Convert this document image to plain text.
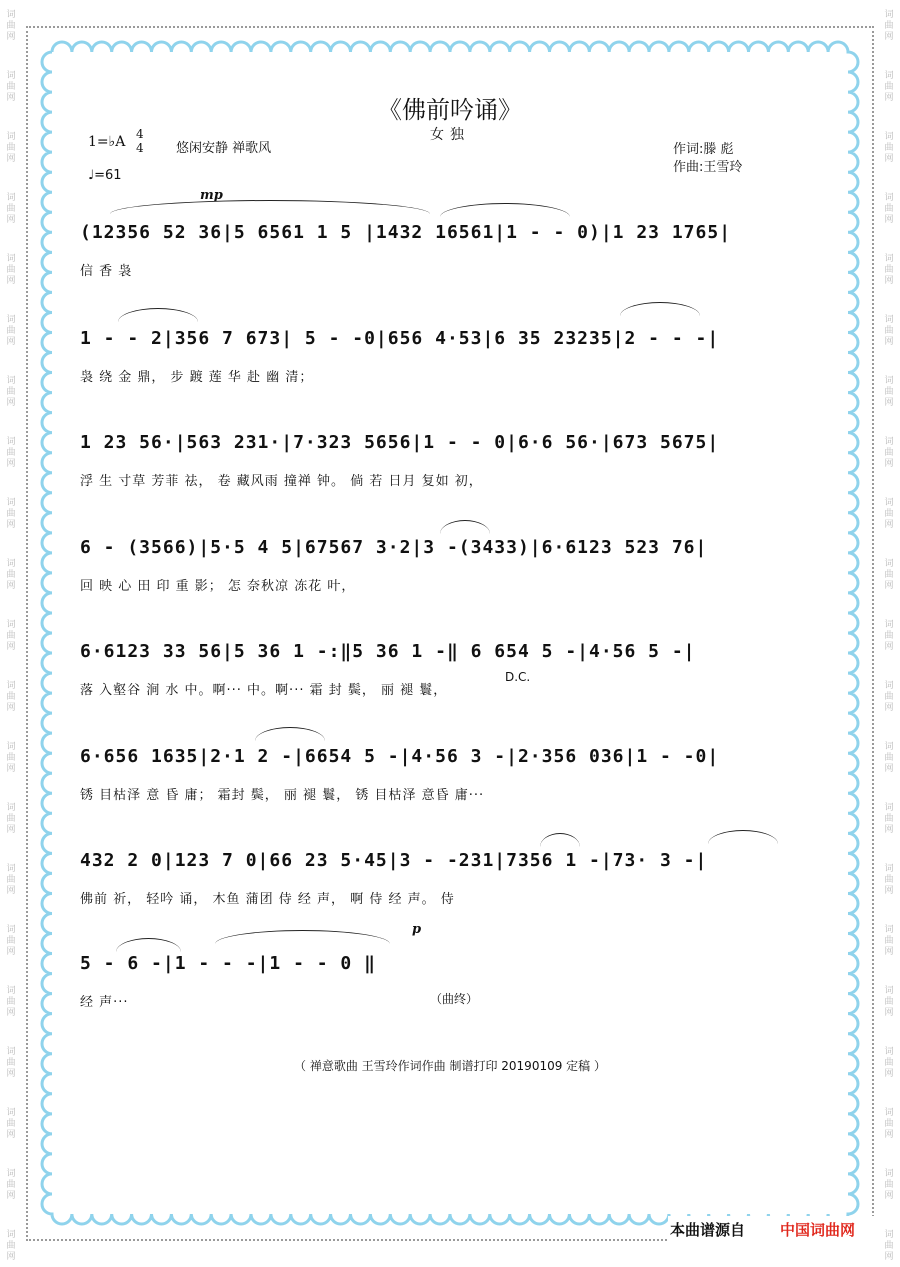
词
曲
网
词
曲
网
词
曲
网
词
曲
网
词
曲
网
词
曲
网
词
曲
网
词
曲
网
词
曲
网
词
曲
网
词
曲
网
词
曲
网
词
曲
网
词
曲
网
词
曲
网
词
曲
网
词
曲
网
词
曲
网
词
曲
网
词
曲
网
词
曲
网
词
曲
网
词
曲
网
词
曲
网
词
曲
网
词
曲
网
词
曲
网
词
曲
网
词
曲
网
词
曲
网
词
曲
网
词
曲
网
词
曲
网
词
曲
网
词
曲
网
词
曲
网
词
曲
网
词
曲
网
词
曲
网
词
曲
网
词
曲
网
词
曲
网
《佛前吟诵》
女独
1=♭A 4
4
♩=61
悠闲安静 禅歌风	作词:滕 彪
作曲:王雪玲
mp
(12356 52 36|5 6561 1 5 |1432 16561|1 - - 0)|1 23 1765|
信 香 袅
1 - - 2|356 7 673| 5 - -0|656 4·53|6 35 23235|2 - - -|
袅 绕 金 鼎， 步 踱 莲 华 赴 幽 清；
1 23 56·|563 231·|7·323 5656|1 - - 0|6·6 56·|673 5675|
浮 生 寸草 芳菲 祛， 卷 藏风雨 撞禅 钟。 倘 若 日月 复如 初，
6 - (3566)|5·5 4 5|67567 3·2|3 -(3433)|6·6123 523 76|
回 映 心 田 印 重 影； 怎 奈秋凉 冻花 叶，
6·6123 33 56|5 36 1 -:‖5 36 1 -‖ 6 654 5 -|4·56 5 -|
落 入壑谷 涧 水 中。啊··· 中。啊··· 霜 封 鬓， 丽 褪 鬟，
6·656 1635|2·1 2 -|6654 5 -|4·56 3 -|2·356 036|1 - -0|
锈 目枯泽 意 昏 庸； 霜封 鬓， 丽 褪 鬟， 锈 目枯泽 意昏 庸···
432 2 0|123 7 0|66 23 5·45|3 - -231|7356 1 -|73· 3 -|
佛前 祈， 轻吟 诵， 木鱼 蒲团 侍 经 声， 啊 侍 经 声。 侍
5 - 6 -|1 - - -|1 - - 0 ‖
经 声···
D.C.
p
（曲终）
（ 禅意歌曲 王雪玲作词作曲 制谱打印 20190109 定稿 ）
本曲谱源自 中国词曲网
